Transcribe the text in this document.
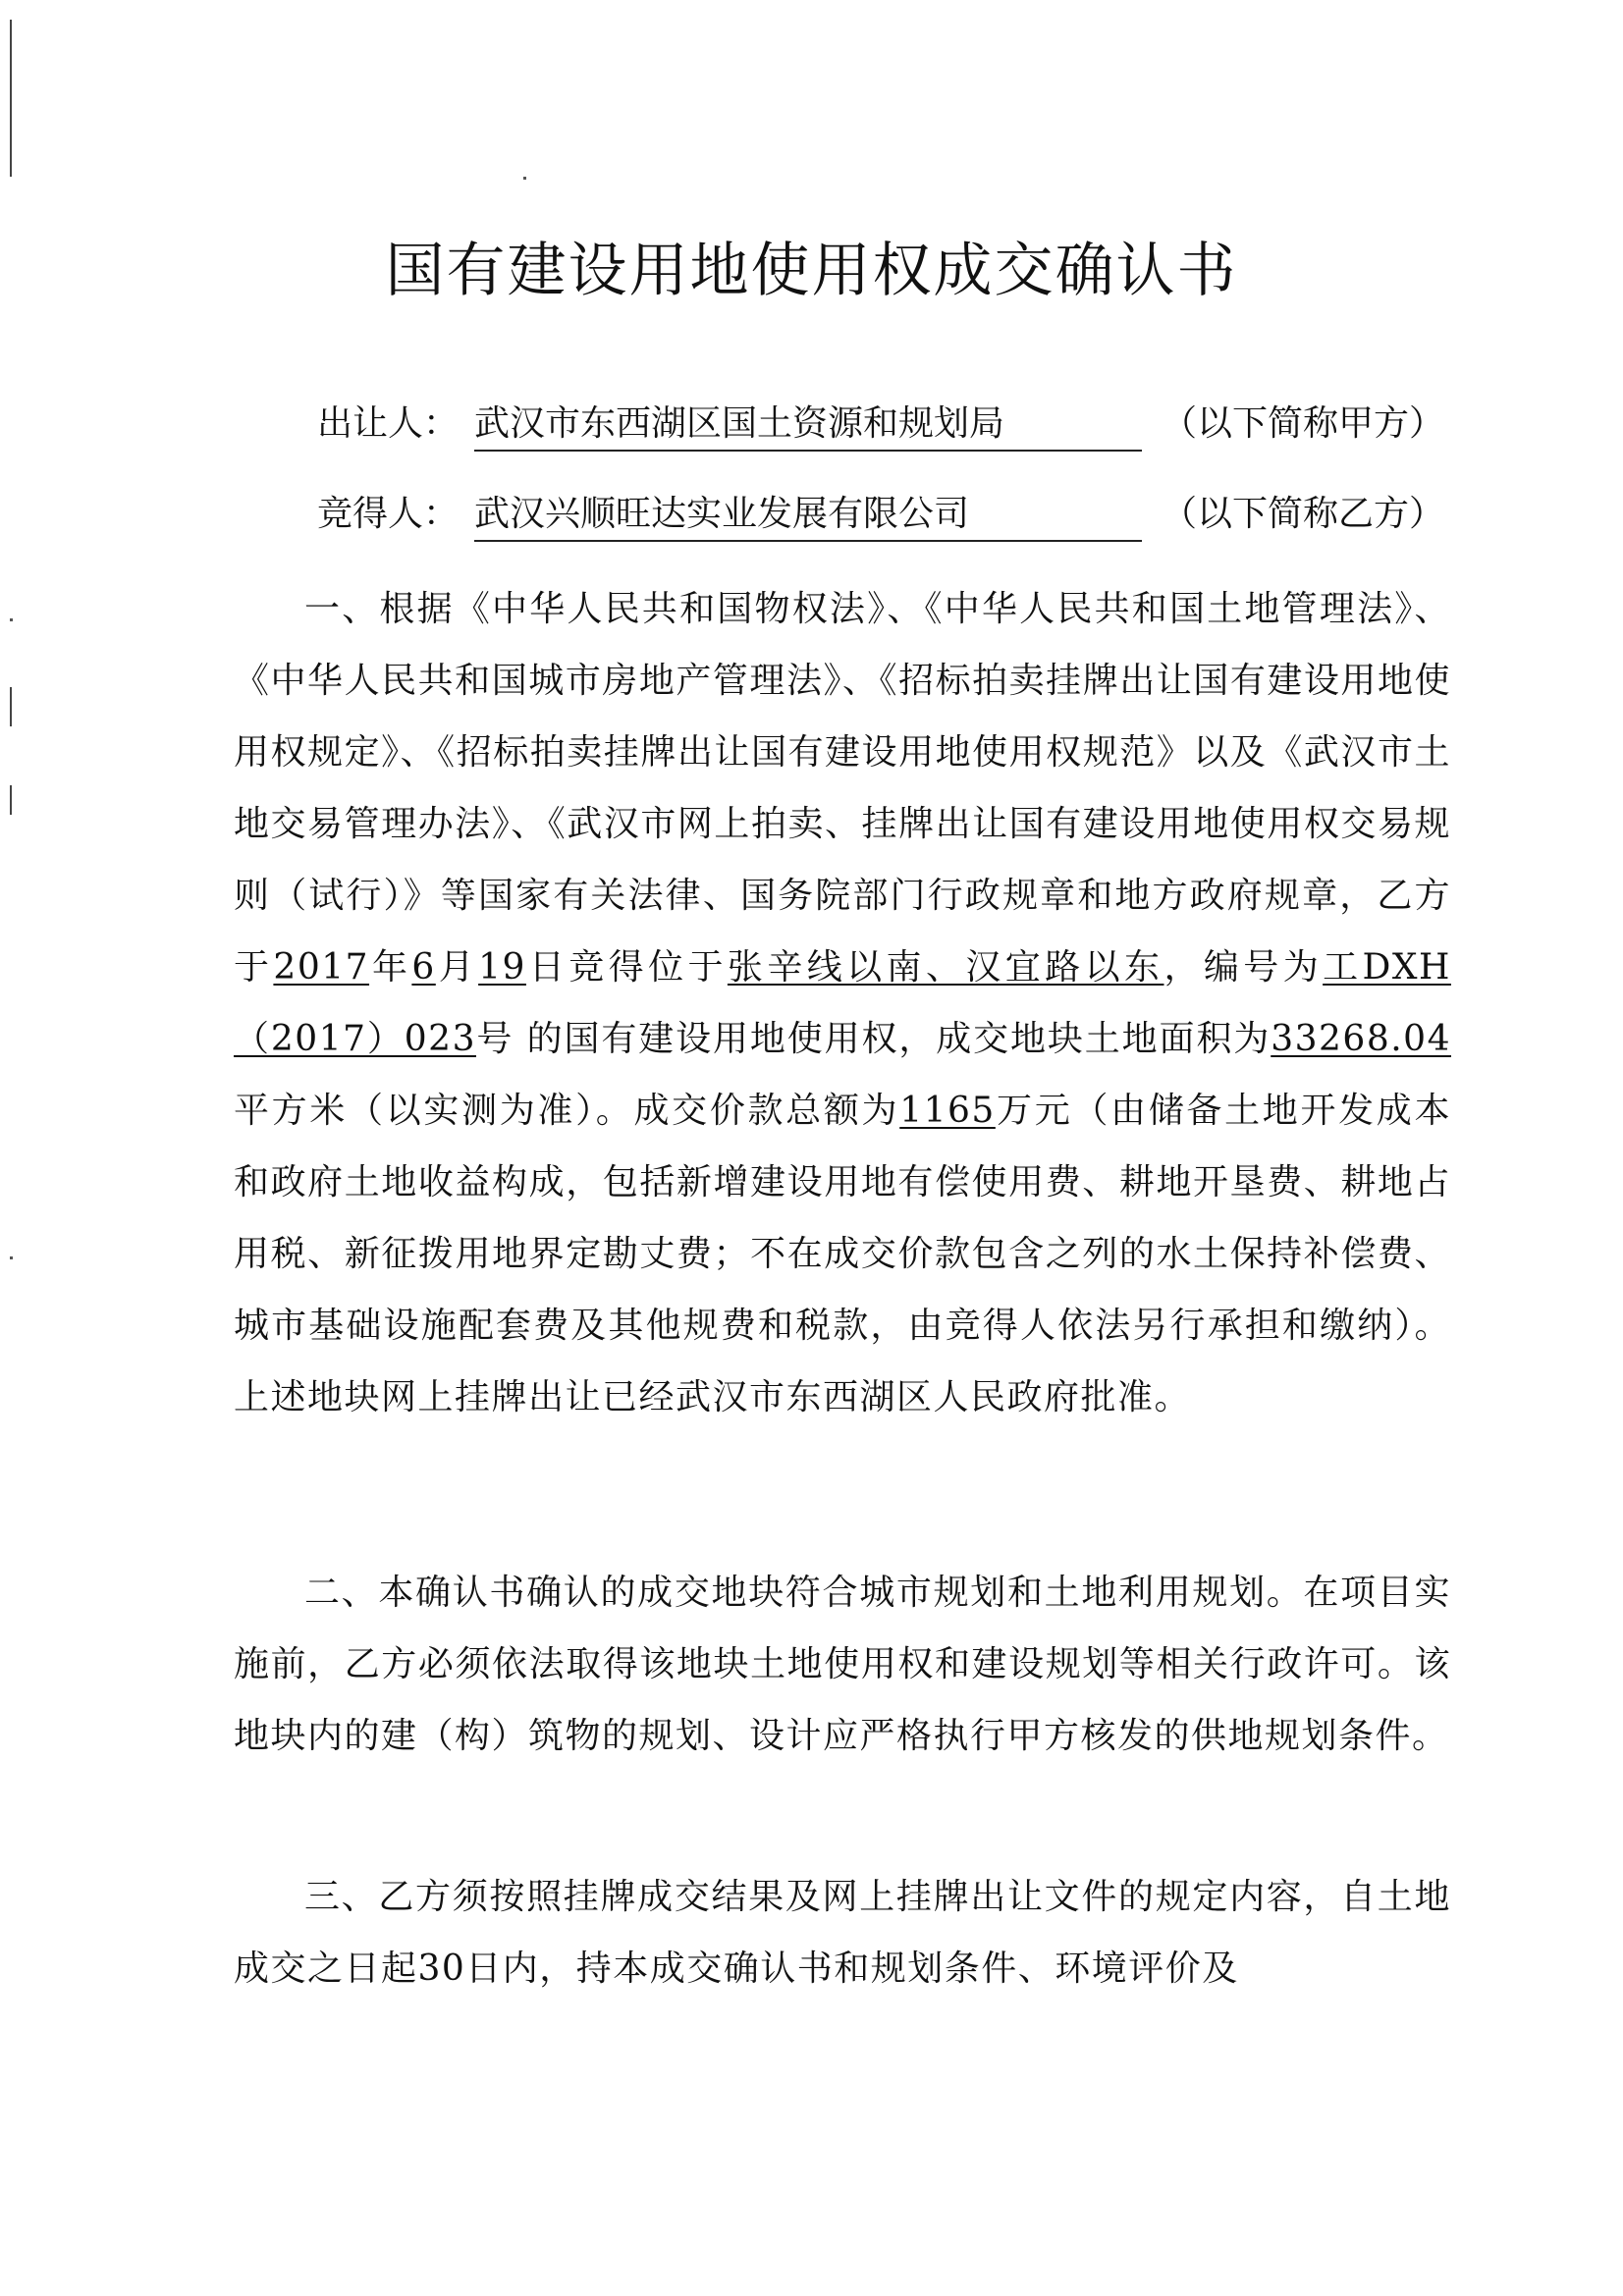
国有建设用地使用权成交确认书
出让人： 武汉市东西湖区国土资源和规划局	（以下简称甲方）
竞得人： 武汉兴顺旺达实业发展有限公司	（以下简称乙方）

一、根据《中华人民共和国物权法》、《中华人民共和国土地管理法》、《中华人民共和国城市房地产管理法》、《招标拍卖挂牌出让国有建设用地使用权规定》、《招标拍卖挂牌出让国有建设用地使用权规范》以及《武汉市土地交易管理办法》、《武汉市网上拍卖、挂牌出让国有建设用地使用权交易规则（试行）》等国家有关法律、国务院部门行政规章和地方政府规章，乙方于2017年6月19日竞得位于张辛线以南、汉宜路以东，编号为工DXH（2017）023号 的国有建设用地使用权，成交地块土地面积为33268.04平方米（以实测为准）。成交价款总额为1165万元（由储备土地开发成本和政府土地收益构成，包括新增建设用地有偿使用费、耕地开垦费、耕地占用税、新征拨用地界定勘丈费；不在成交价款包含之列的水土保持补偿费、城市基础设施配套费及其他规费和税款，由竞得人依法另行承担和缴纳）。上述地块网上挂牌出让已经武汉市东西湖区人民政府批准。

二、本确认书确认的成交地块符合城市规划和土地利用规划。在项目实施前，乙方必须依法取得该地块土地使用权和建设规划等相关行政许可。该地块内的建（构）筑物的规划、设计应严格执行甲方核发的供地规划条件。

三、乙方须按照挂牌成交结果及网上挂牌出让文件的规定内容，自土地成交之日起30日内，持本成交确认书和规划条件、环境评价及
